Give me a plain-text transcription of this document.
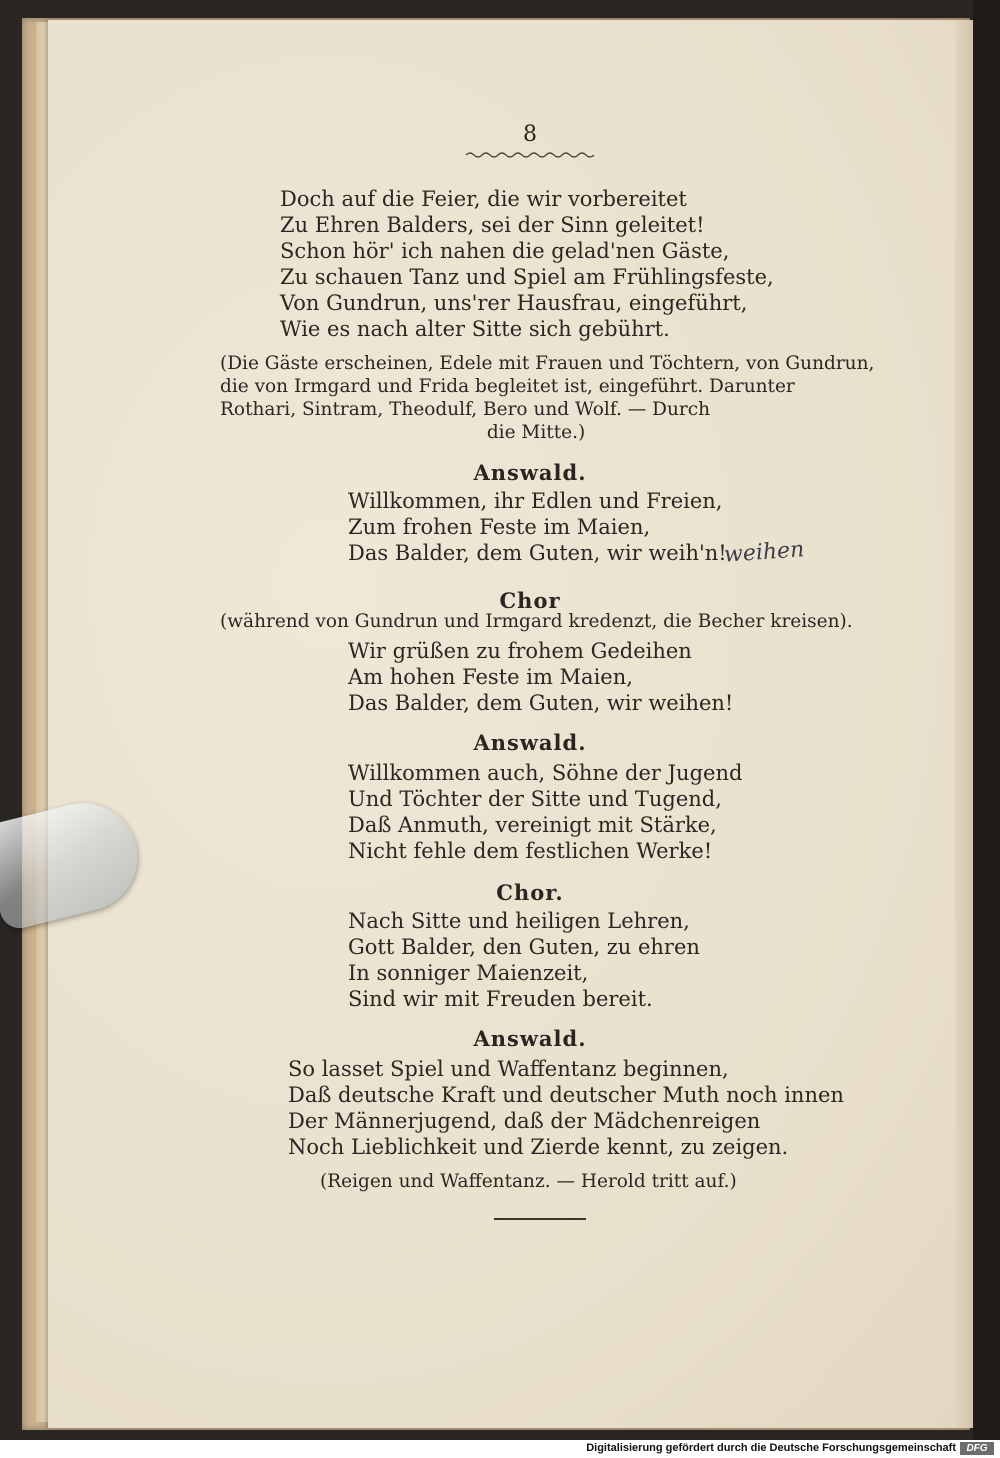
8
Doch auf die Feier, die wir vorbereitet
Zu Ehren Balders, sei der Sinn geleitet!
Schon hör' ich nahen die gelad'nen Gäste,
Zu schauen Tanz und Spiel am Frühlingsfeste,
Von Gundrun, uns'rer Hausfrau, eingeführt,
Wie es nach alter Sitte sich gebührt.
(Die Gäste erscheinen, Edele mit Frauen und Töchtern, von Gundrun,
die von Irmgard und Frida begleitet ist, eingeführt. Darunter
Rothari, Sintram, Theodulf, Bero und Wolf. — Durch
die Mitte.)
Answald.
Willkommen, ihr Edlen und Freien,
Zum frohen Feste im Maien,
Das Balder, dem Guten, wir weih'n!
weihen
Chor
(während von Gundrun und Irmgard kredenzt, die Becher kreisen).
Wir grüßen zu frohem Gedeihen
Am hohen Feste im Maien,
Das Balder, dem Guten, wir weihen!
Answald.
Willkommen auch, Söhne der Jugend
Und Töchter der Sitte und Tugend,
Daß Anmuth, vereinigt mit Stärke,
Nicht fehle dem festlichen Werke!
Chor.
Nach Sitte und heiligen Lehren,
Gott Balder, den Guten, zu ehren
In sonniger Maienzeit,
Sind wir mit Freuden bereit.
Answald.
So lasset Spiel und Waffentanz beginnen,
Daß deutsche Kraft und deutscher Muth noch innen
Der Männerjugend, daß der Mädchenreigen
Noch Lieblichkeit und Zierde kennt, zu zeigen.
(Reigen und Waffentanz. — Herold tritt auf.)
Digitalisierung gefördert durch die Deutsche Forschungsgemeinschaft	DFG
